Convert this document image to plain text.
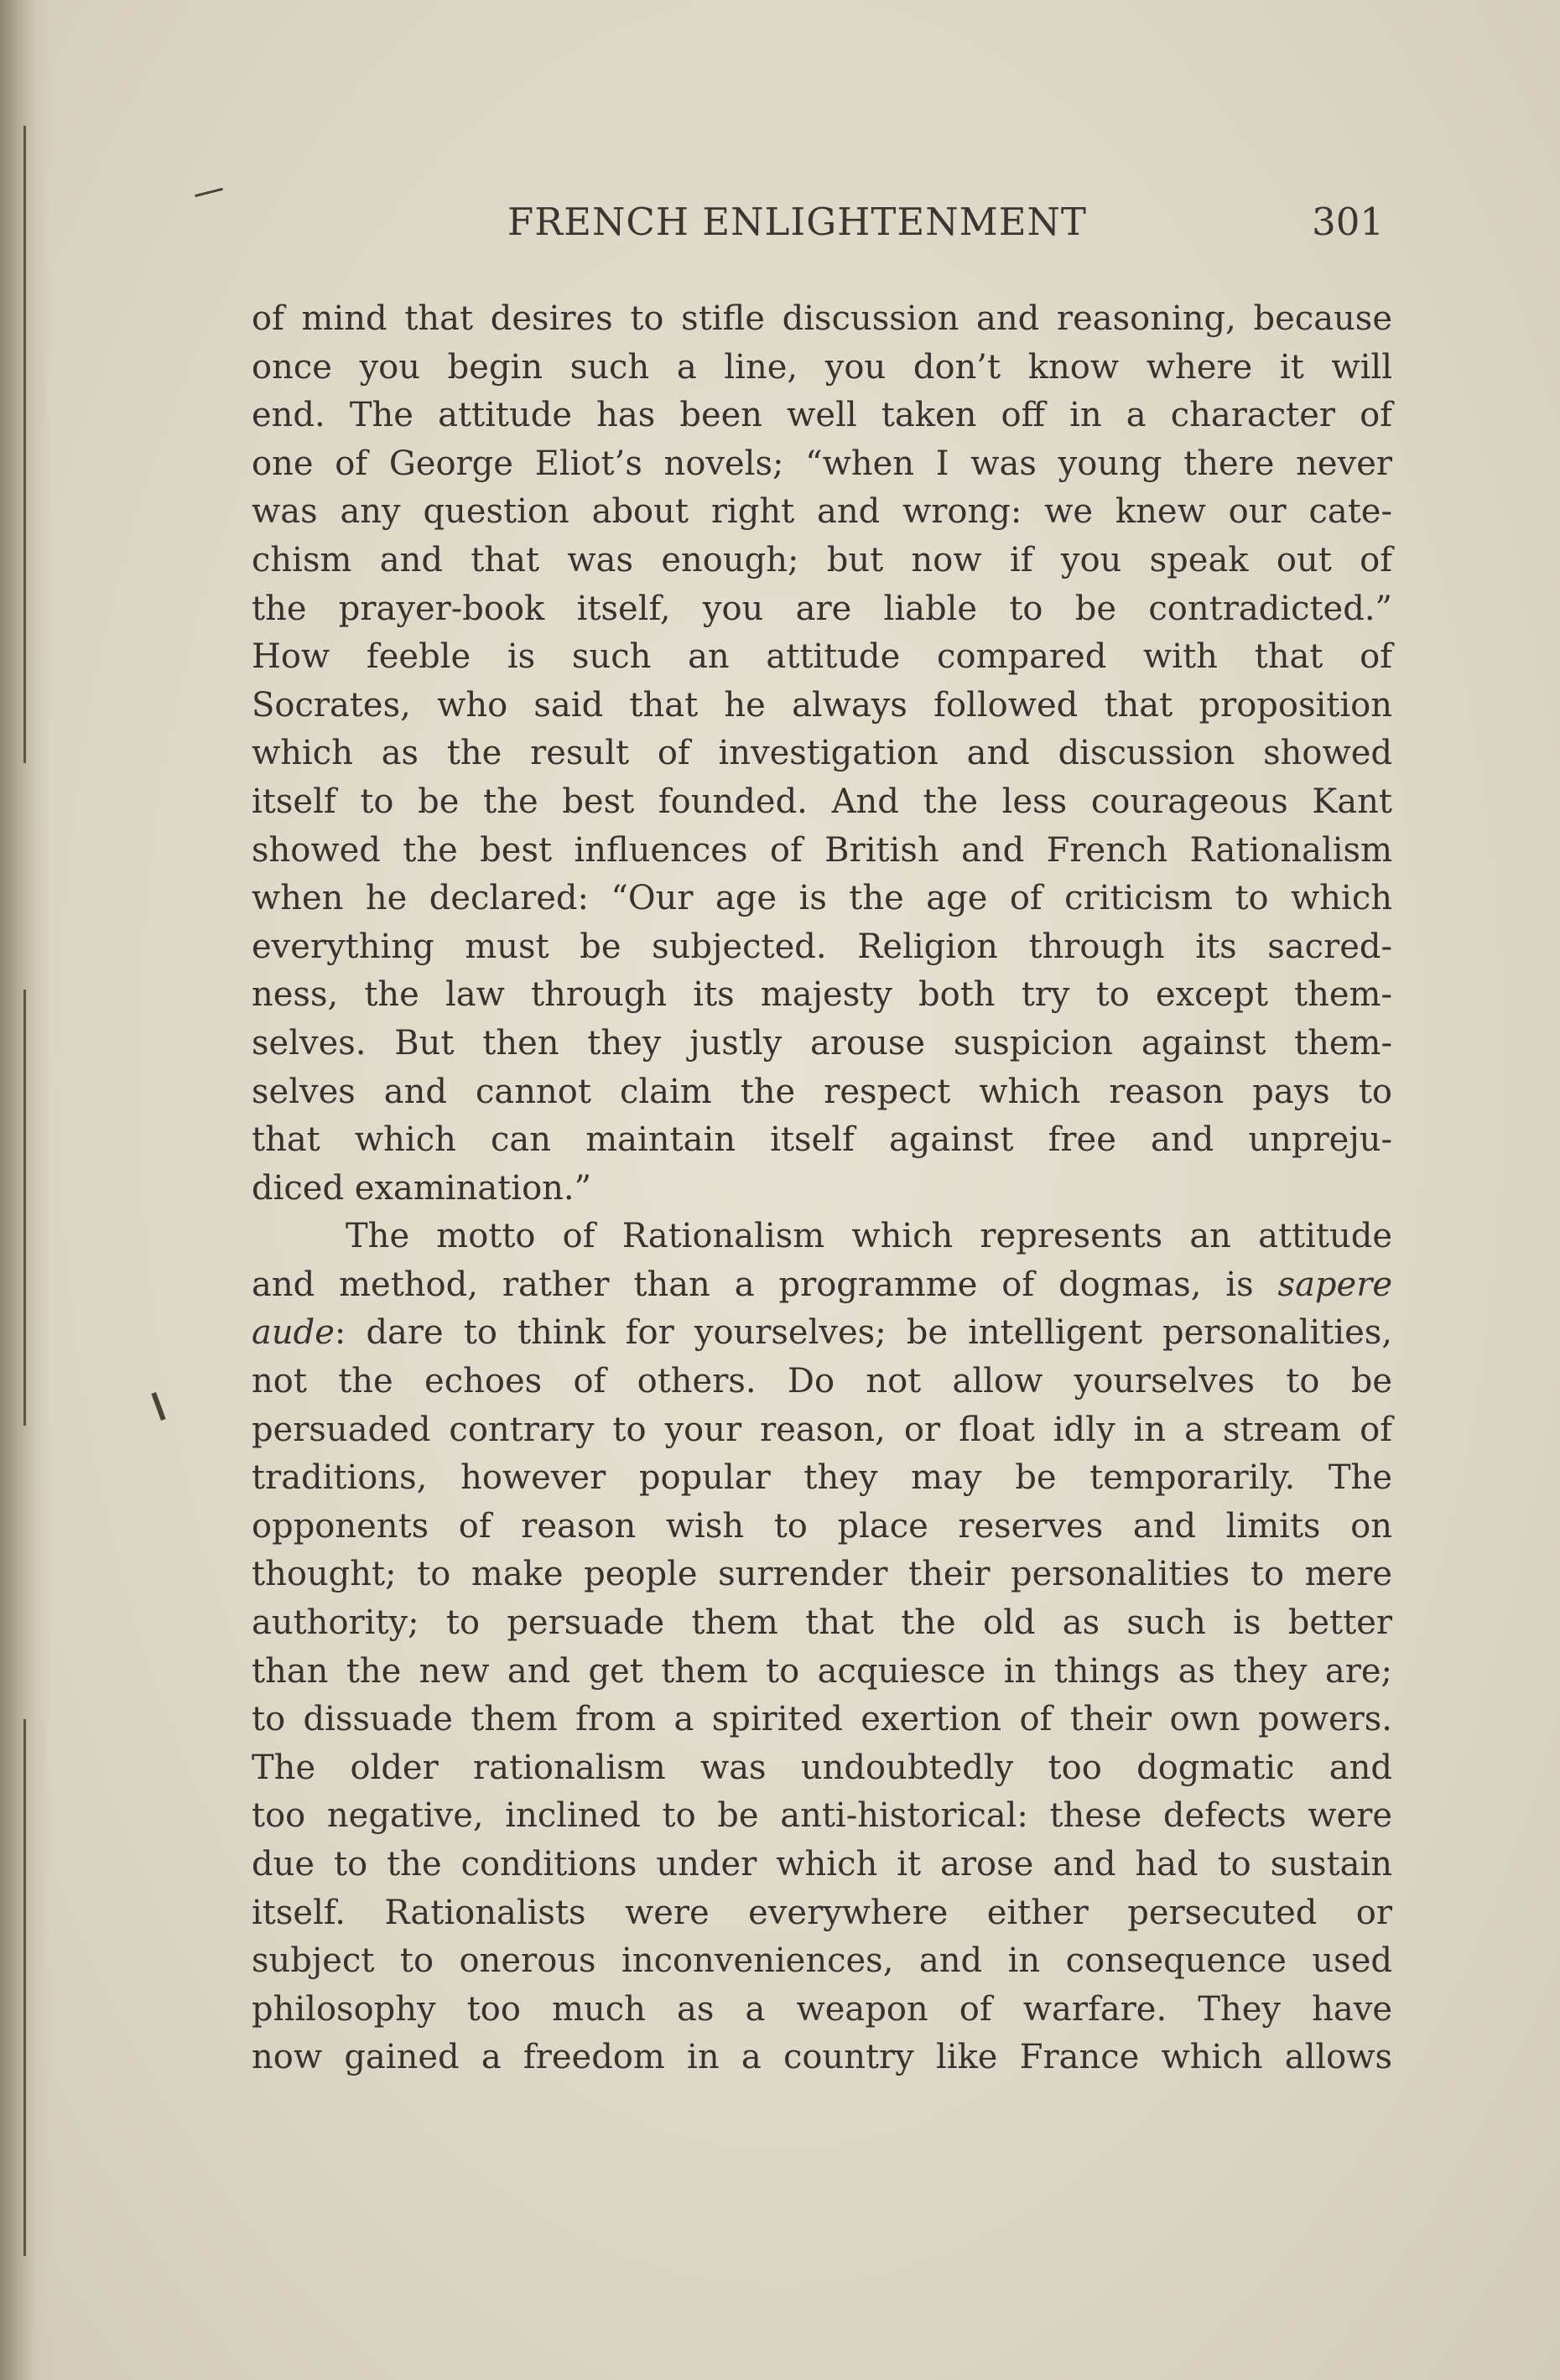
FRENCH ENLIGHTENMENT	301
of mind that desires to stifle discussion and reasoning, because
once you begin such a line, you don’t know where it will
end. The attitude has been well taken off in a character of
one of George Eliot’s novels; “when I was young there never
was any question about right and wrong: we knew our cate-
chism and that was enough; but now if you speak out of
the prayer-book itself, you are liable to be contradicted.”
How feeble is such an attitude compared with that of
Socrates, who said that he always followed that proposition
which as the result of investigation and discussion showed
itself to be the best founded. And the less courageous Kant
showed the best influences of British and French Rationalism
when he declared: “Our age is the age of criticism to which
everything must be subjected. Religion through its sacred-
ness, the law through its majesty both try to except them-
selves. But then they justly arouse suspicion against them-
selves and cannot claim the respect which reason pays to
that which can maintain itself against free and unpreju-
diced examination.”
The motto of Rationalism which represents an attitude
and method, rather than a programme of dogmas, is sapere
aude: dare to think for yourselves; be intelligent personalities,
not the echoes of others. Do not allow yourselves to be
persuaded contrary to your reason, or float idly in a stream of
traditions, however popular they may be temporarily. The
opponents of reason wish to place reserves and limits on
thought; to make people surrender their personalities to mere
authority; to persuade them that the old as such is better
than the new and get them to acquiesce in things as they are;
to dissuade them from a spirited exertion of their own powers.
The older rationalism was undoubtedly too dogmatic and
too negative, inclined to be anti-historical: these defects were
due to the conditions under which it arose and had to sustain
itself. Rationalists were everywhere either persecuted or
subject to onerous inconveniences, and in consequence used
philosophy too much as a weapon of warfare. They have
now gained a freedom in a country like France which allows
